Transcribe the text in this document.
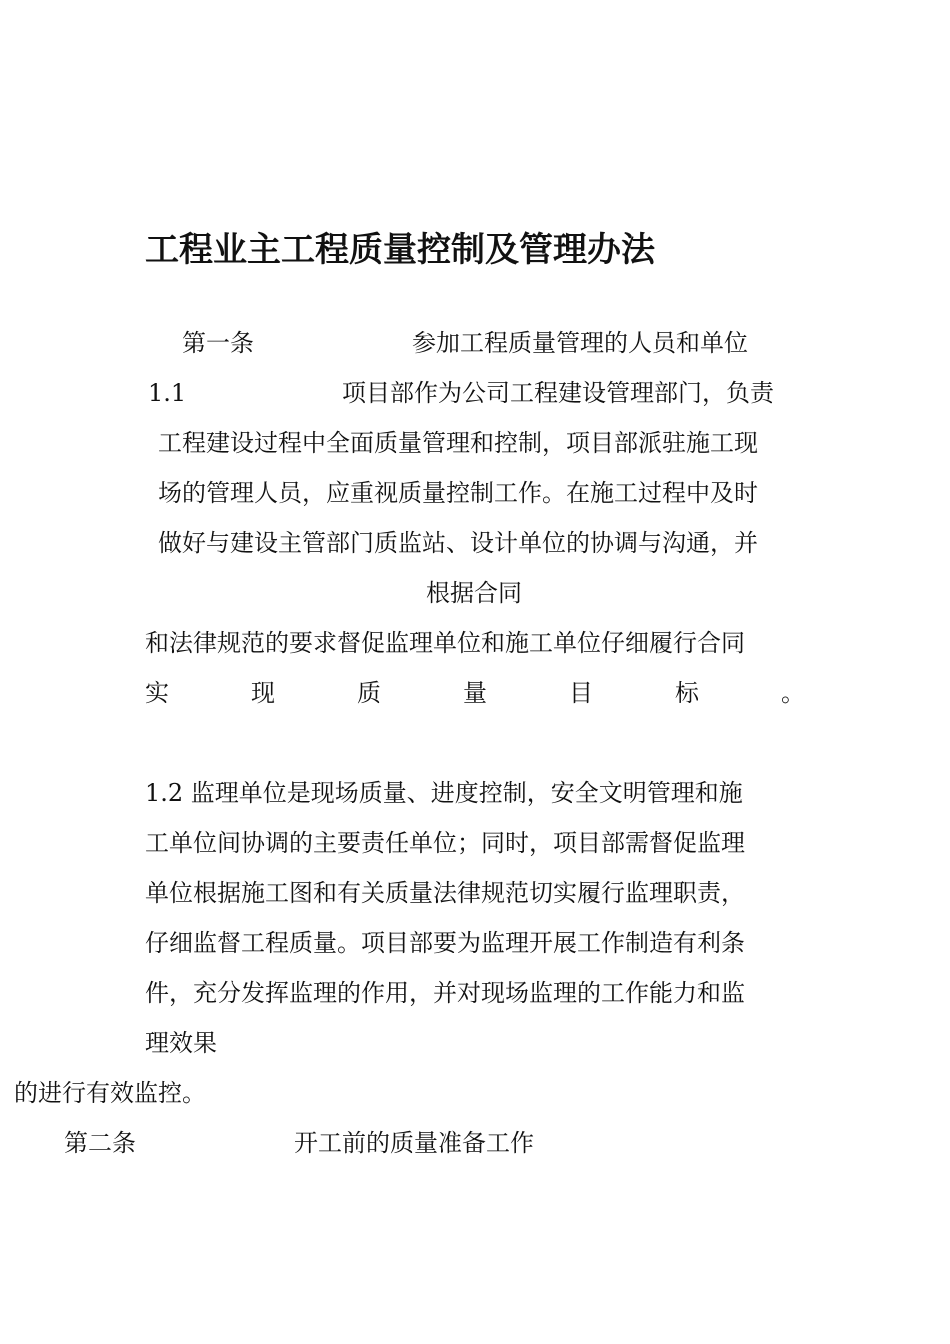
工程业主工程质量控制及管理办法
第一条	参加工程质量管理的人员和单位
1.1	项目部作为公司工程建设管理部门，负责
工程建设过程中全面质量管理和控制，项目部派驻施工现
场的管理人员，应重视质量控制工作。在施工过程中及时
做好与建设主管部门质监站、设计单位的协调与沟通，并
根据合同
和法律规范的要求督促监理单位和施工单位仔细履行合同
实	现	质	量	目	标	。
1.2 监理单位是现场质量、进度控制，安全文明管理和施
工单位间协调的主要责任单位；同时，项目部需督促监理
单位根据施工图和有关质量法律规范切实履行监理职责，
仔细监督工程质量。项目部要为监理开展工作制造有利条
件，充分发挥监理的作用，并对现场监理的工作能力和监
理效果
的进行有效监控。
第二条	开工前的质量准备工作
